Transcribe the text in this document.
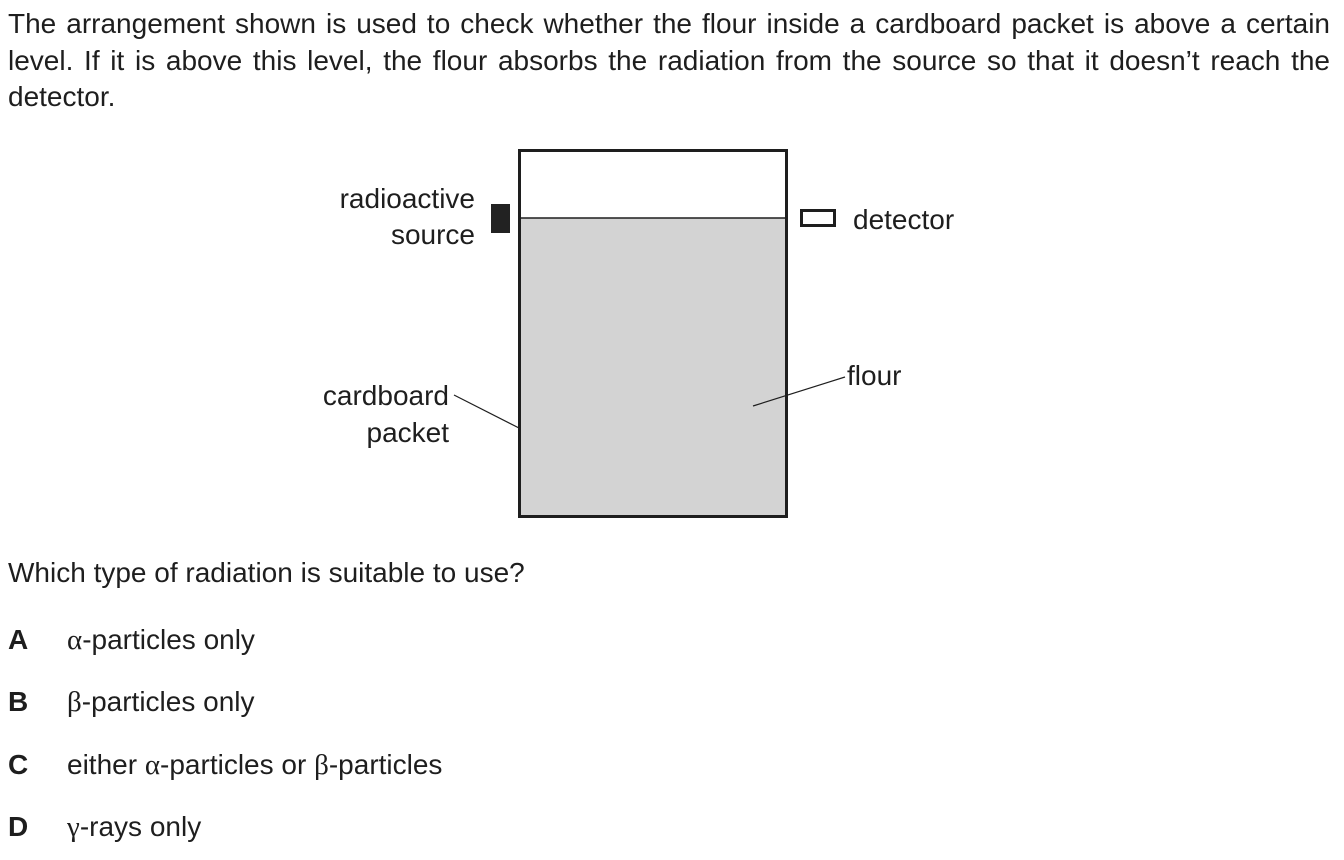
The arrangement shown is used to check whether the flour inside a cardboard packet is above a certain level. If it is above this level, the flour absorbs the radiation from the source so that it doesn’t reach the detector.

radioactive
source	detector
cardboard
packet
flour

Which type of radiation is suitable to use?

A α-particles only
B β-particles only
C either α-particles or β-particles
D γ-rays only
